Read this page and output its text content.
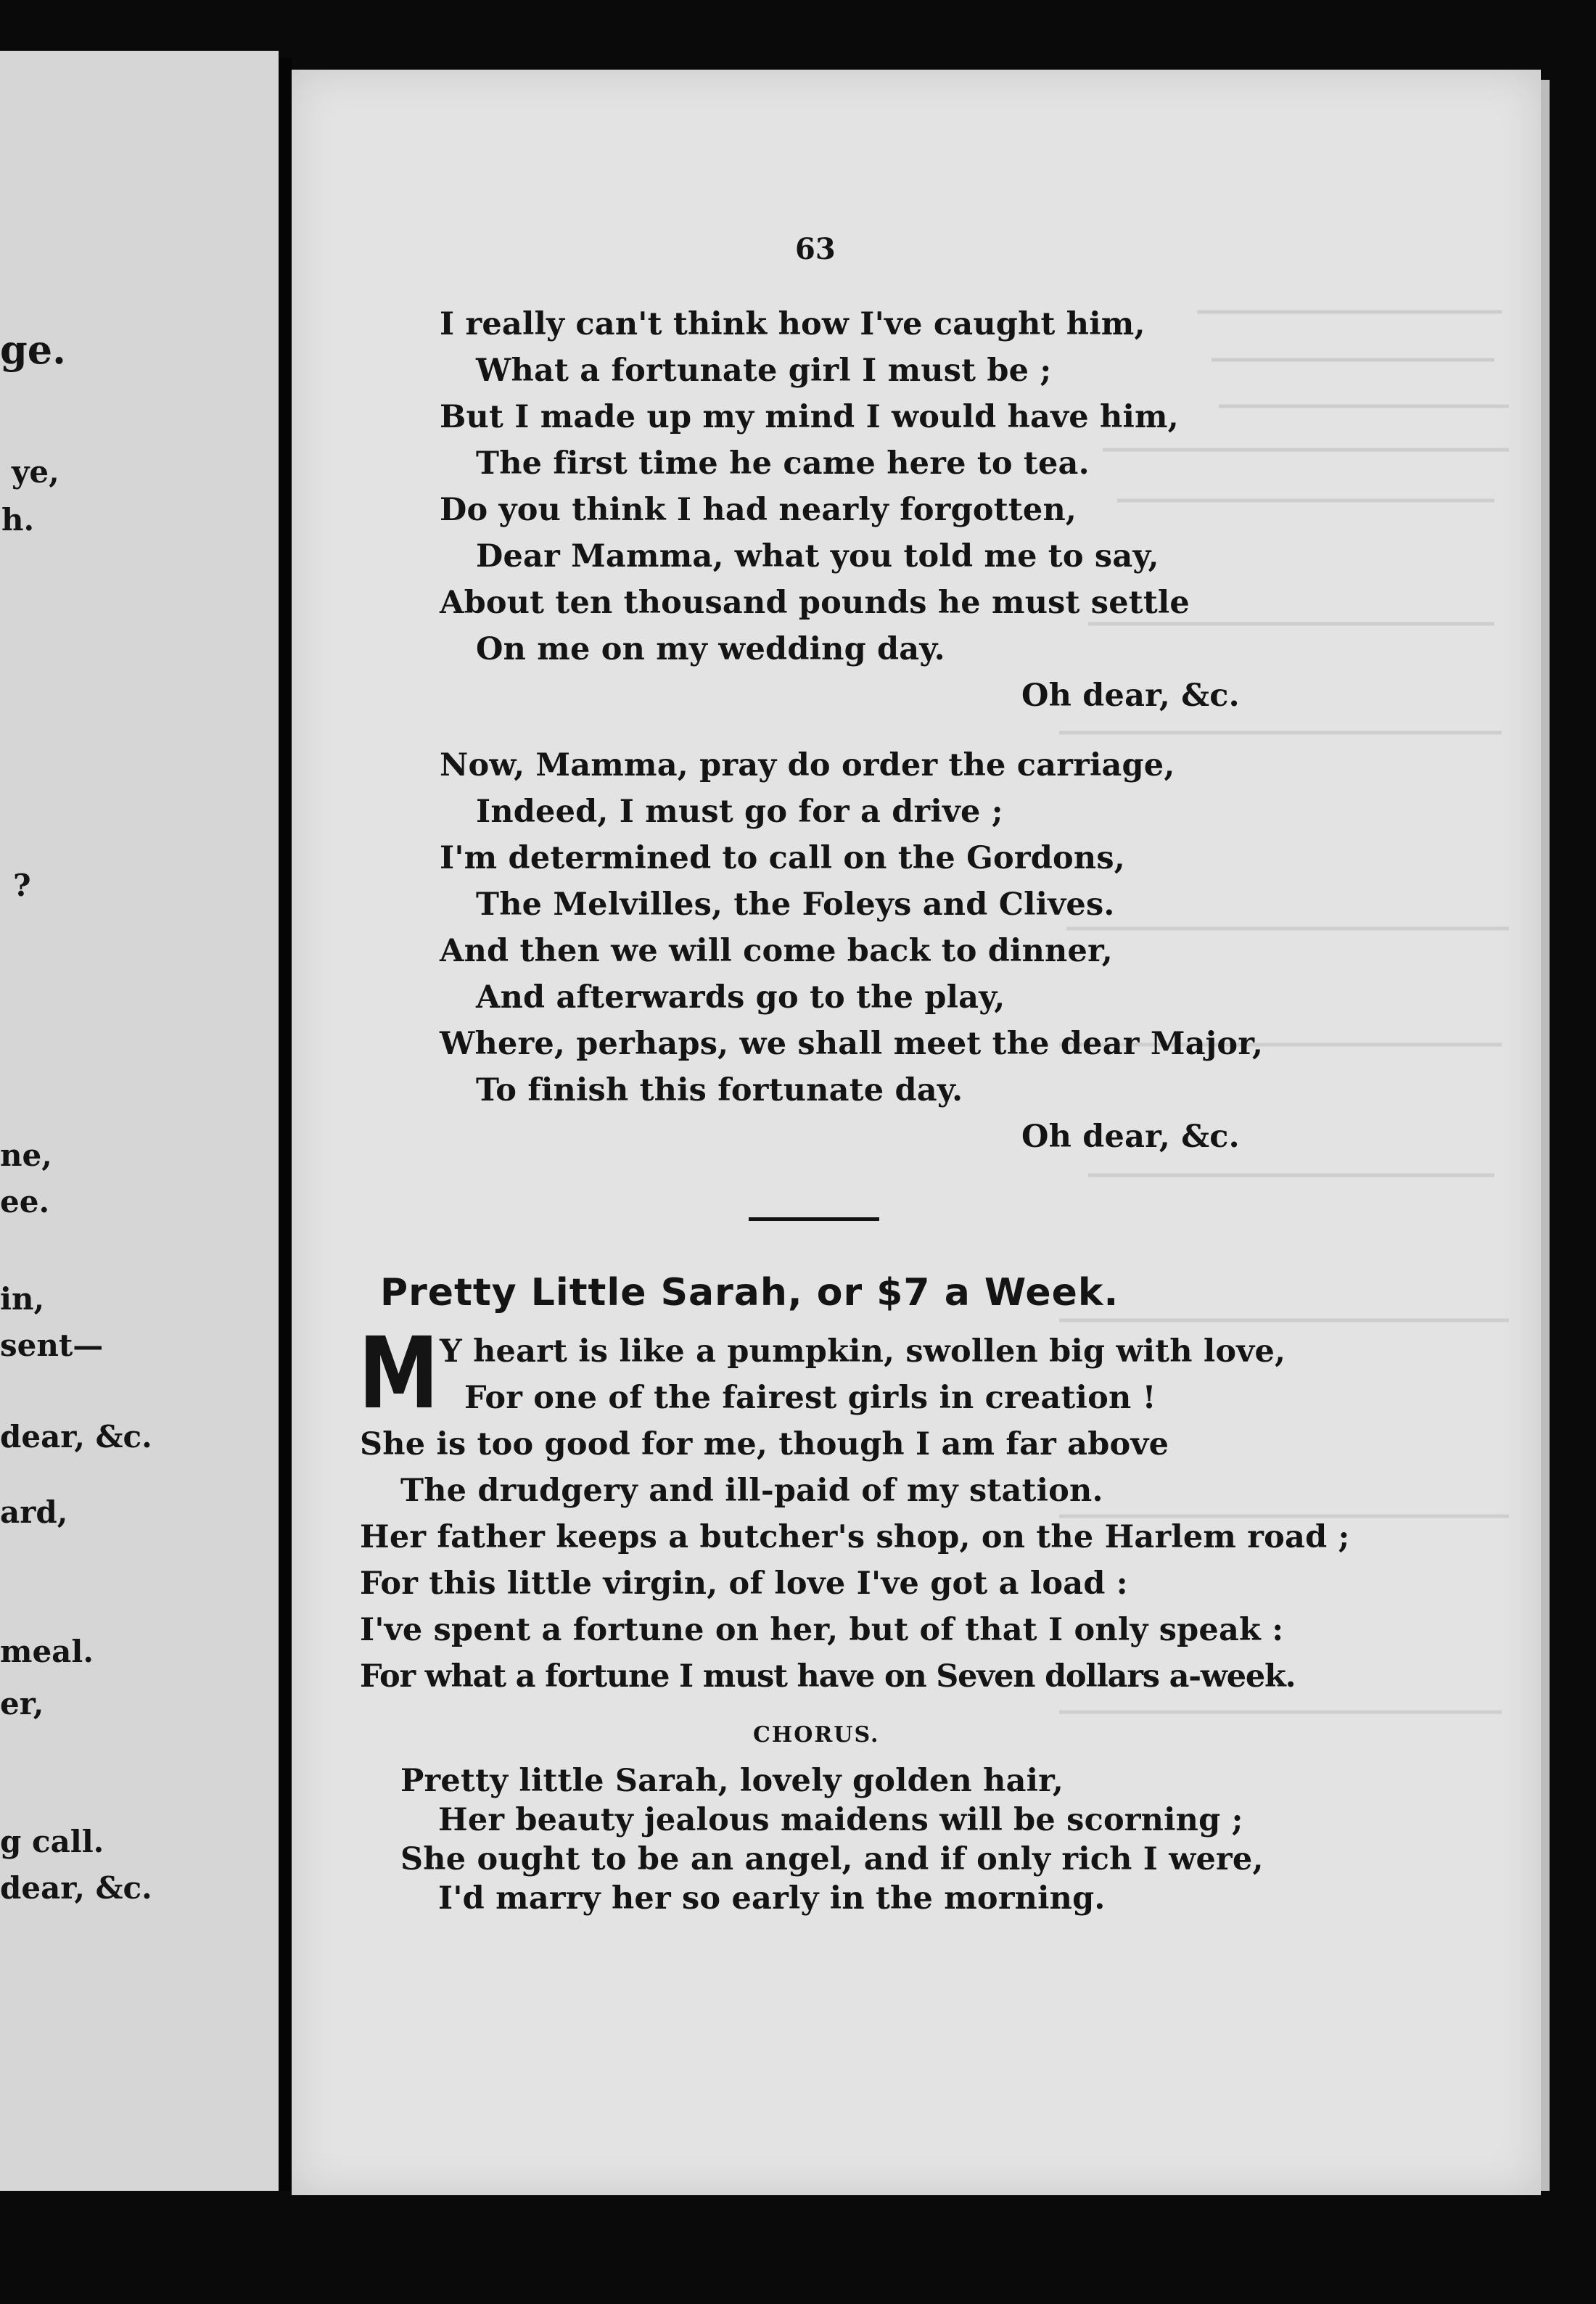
ge.
ye,
h.
?
ne,
ee.
in,
sent—
dear, &c.
ard,
meal.
er,
g call.
dear, &c.
63
I really can't think how I've caught him,
What a fortunate girl I must be ;
But I made up my mind I would have him,
The first time he came here to tea.
Do you think I had nearly forgotten,
Dear Mamma, what you told me to say,
About ten thousand pounds he must settle
On me on my wedding day.
Oh dear, &c.
Now, Mamma, pray do order the carriage,
Indeed, I must go for a drive ;
I'm determined to call on the Gordons,
The Melvilles, the Foleys and Clives.
And then we will come back to dinner,
And afterwards go to the play,
Where, perhaps, we shall meet the dear Major,
To finish this fortunate day.
Oh dear, &c.
Pretty Little Sarah, or $7 a Week.
M Y heart is like a pumpkin, swollen big with love,
For one of the fairest girls in creation !
She is too good for me, though I am far above
The drudgery and ill-paid of my station.
Her father keeps a butcher's shop, on the Harlem road ;
For this little virgin, of love I've got a load :
I've spent a fortune on her, but of that I only speak :
For what a fortune I must have on Seven dollars a-week.
CHORUS.
Pretty little Sarah, lovely golden hair,
Her beauty jealous maidens will be scorning ;
She ought to be an angel, and if only rich I were,
I'd marry her so early in the morning.
